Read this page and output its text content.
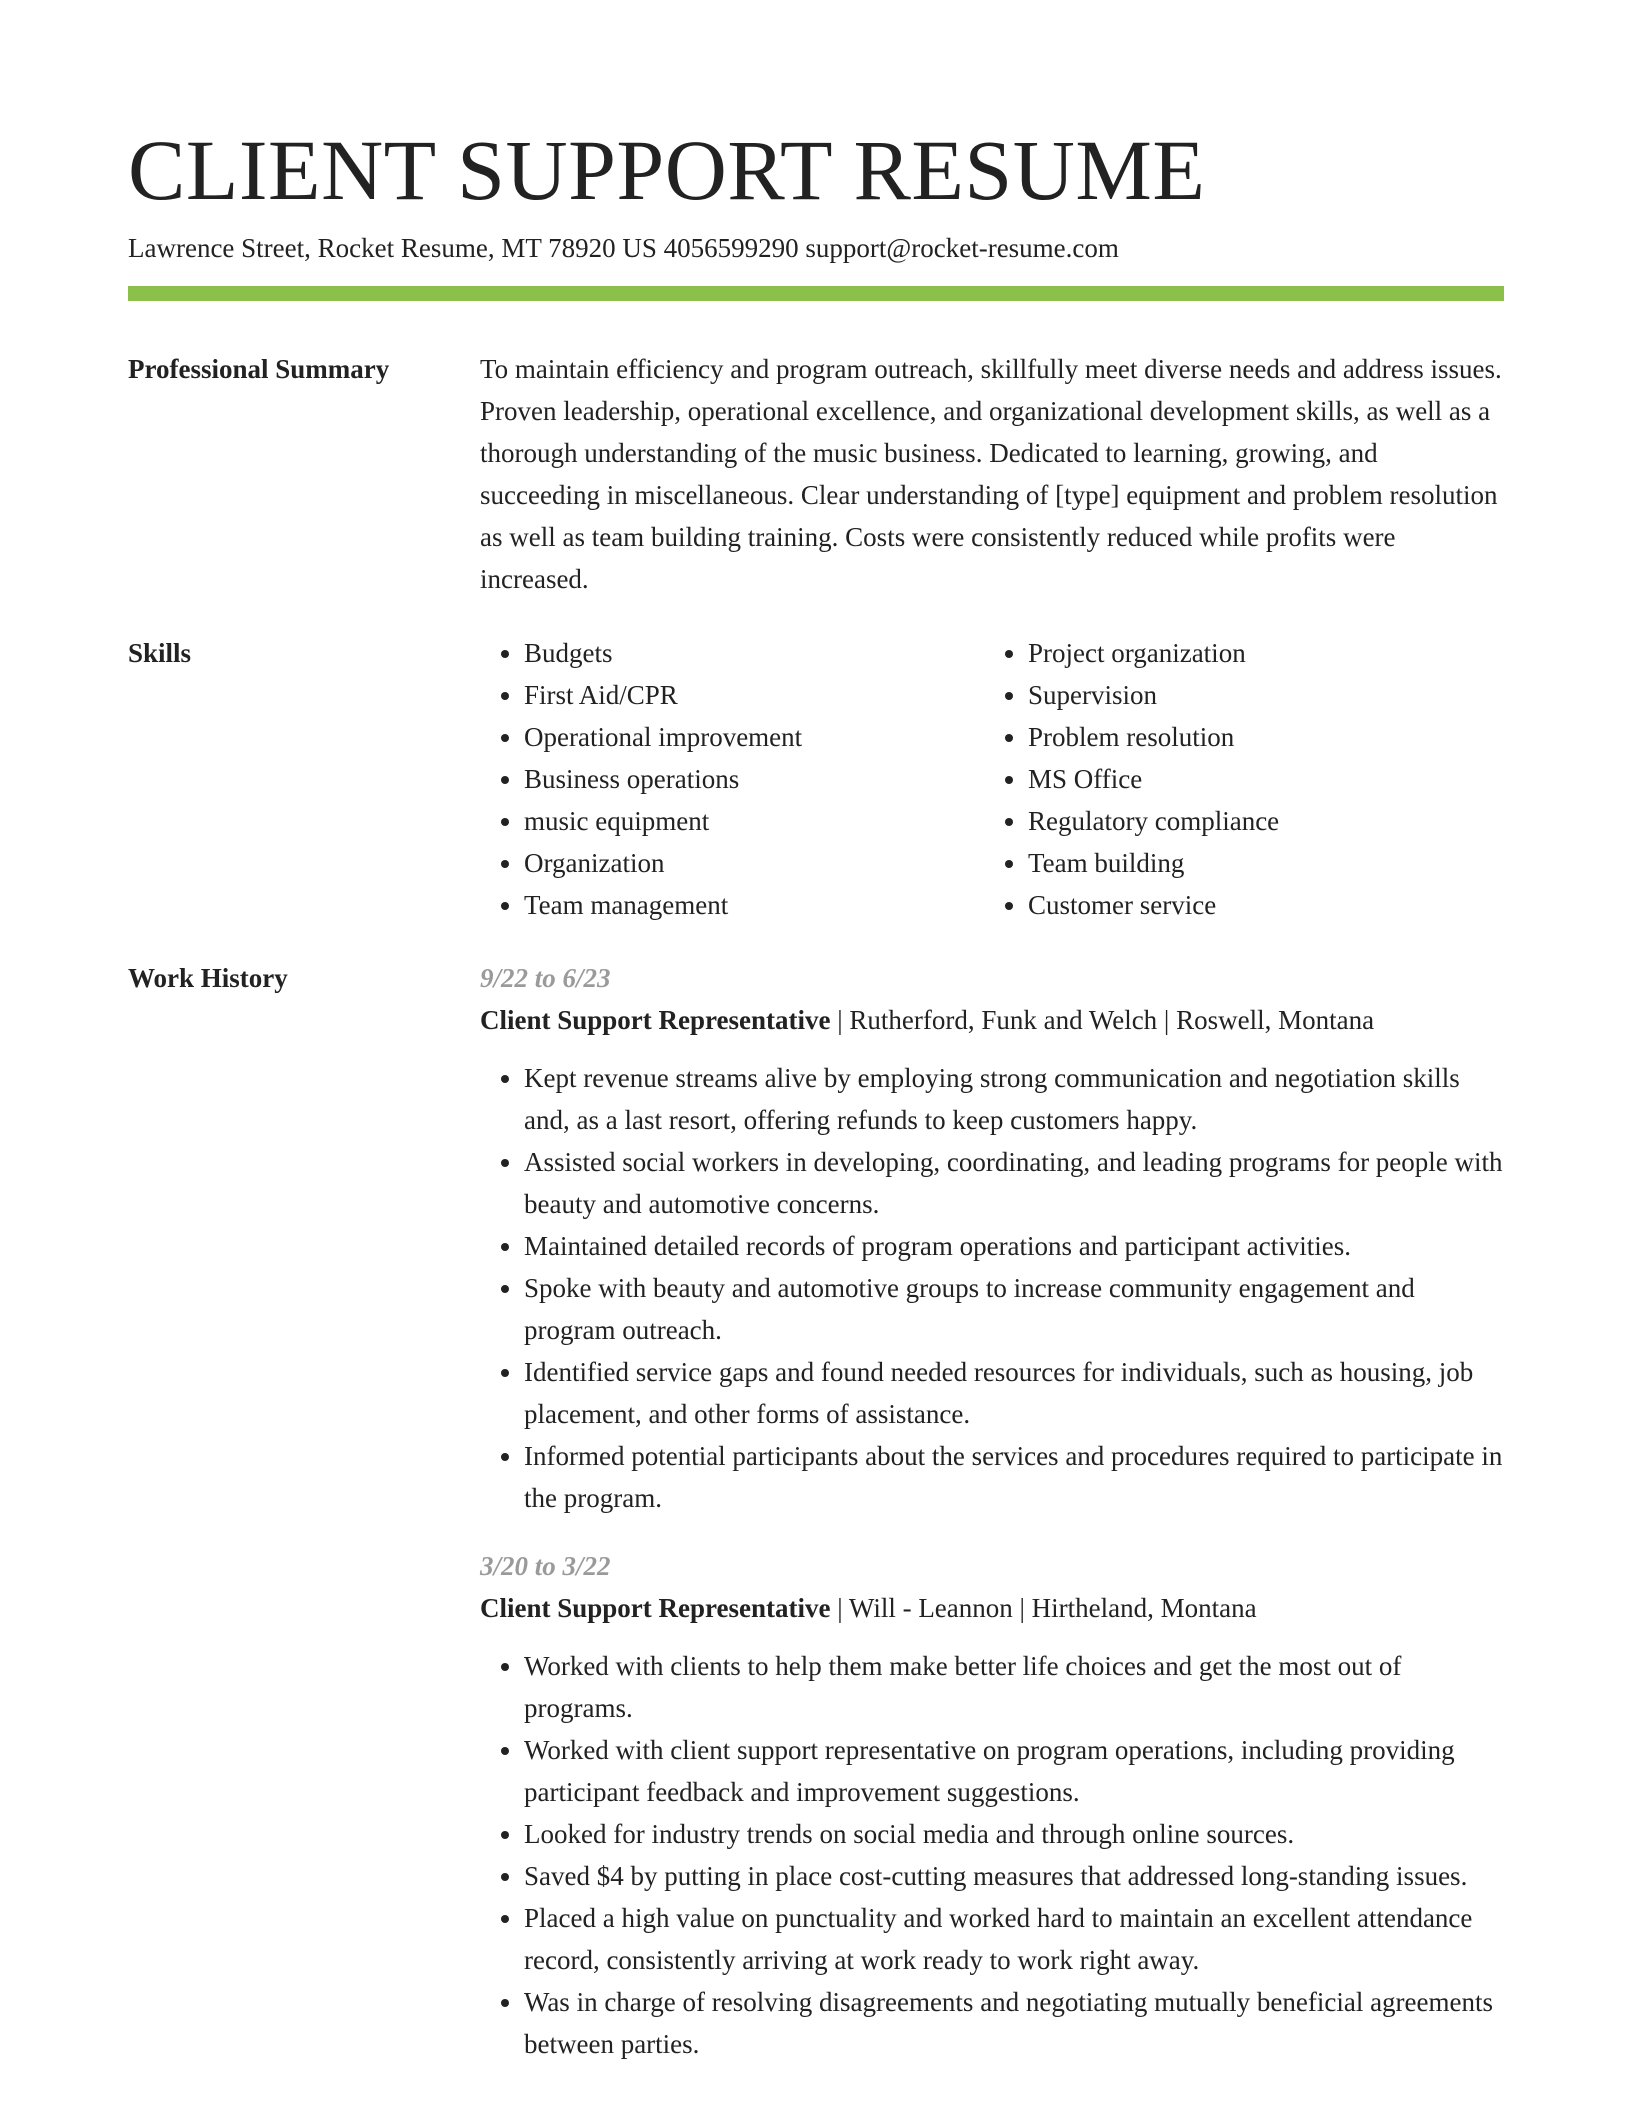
CLIENT SUPPORT RESUME
Lawrence Street, Rocket Resume, MT 78920 US 4056599290 support@rocket-resume.com
Professional Summary	To maintain efficiency and program outreach, skillfully meet diverse needs and address issues. Proven leadership, operational excellence, and organizational development skills, as well as a thorough understanding of the music business. Dedicated to learning, growing, and succeeding in miscellaneous. Clear understanding of [type] equipment and problem resolution as well as team building training. Costs were consistently reduced while profits were increased.

Skills
•	Budgets
• First Aid/CPR
• Operational improvement
• Business operations
• music equipment
• Organization
• Team management
• Project organization
• Supervision
• Problem resolution
• MS Office
• Regulatory compliance
• Team building
• Customer service
Work History	9/22 to 6/23
Client Support Representative | Rutherford, Funk and Welch | Roswell, Montana
• Kept revenue streams alive by employing strong communication and negotiation skills and, as a last resort, offering refunds to keep customers happy.
• Assisted social workers in developing, coordinating, and leading programs for people with beauty and automotive concerns.
• Maintained detailed records of program operations and participant activities.
• Spoke with beauty and automotive groups to increase community engagement and program outreach.
• Identified service gaps and found needed resources for individuals, such as housing, job placement, and other forms of assistance.
• Informed potential participants about the services and procedures required to participate in the program.
3/20 to 3/22
Client Support Representative | Will - Leannon | Hirtheland, Montana
• Worked with clients to help them make better life choices and get the most out of programs.
• Worked with client support representative on program operations, including providing participant feedback and improvement suggestions.
• Looked for industry trends on social media and through online sources.
• Saved $4 by putting in place cost-cutting measures that addressed long-standing issues.
• Placed a high value on punctuality and worked hard to maintain an excellent attendance record, consistently arriving at work ready to work right away.
• Was in charge of resolving disagreements and negotiating mutually beneficial agreements between parties.
